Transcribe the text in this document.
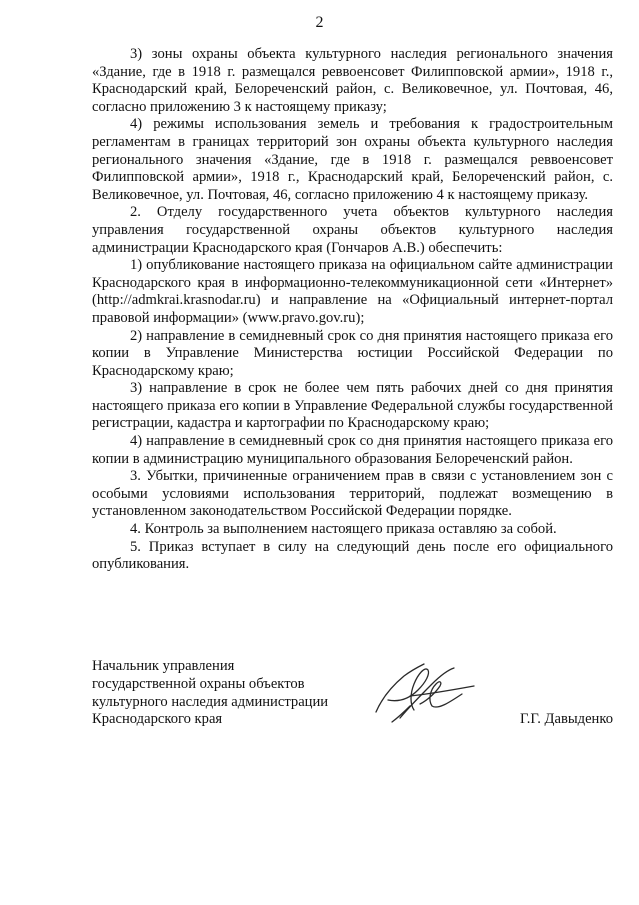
2

3) зоны охраны объекта культурного наследия регионального значения «Здание, где в 1918 г. размещался реввоенсовет Филипповской армии», 1918 г., Краснодарский край, Белореченский район, с. Великовечное, ул. Почтовая, 46, согласно приложению 3 к настоящему приказу;

4) режимы использования земель и требования к градостроительным регламентам в границах территорий зон охраны объекта культурного наследия регионального значения «Здание, где в 1918 г. размещался реввоенсовет Филипповской армии», 1918 г., Краснодарский край, Белореченский район, с. Великовечное, ул. Почтовая, 46, согласно приложению 4 к настоящему приказу.

2. Отделу государственного учета объектов культурного наследия управления государственной охраны объектов культурного наследия администрации Краснодарского края (Гончаров А.В.) обеспечить:

1) опубликование настоящего приказа на официальном сайте администрации Краснодарского края в информационно-телекоммуникационной сети «Интернет» (http://admkrai.krasnodar.ru) и направление на «Официальный интернет-портал правовой информации» (www.pravo.gov.ru);

2) направление в семидневный срок со дня принятия настоящего приказа его копии в Управление Министерства юстиции Российской Федерации по Краснодарскому краю;

3) направление в срок не более чем пять рабочих дней со дня принятия настоящего приказа его копии в Управление Федеральной службы государственной регистрации, кадастра и картографии по Краснодарскому краю;

4) направление в семидневный срок со дня принятия настоящего приказа его копии в администрацию муниципального образования Белореченский район.

3. Убытки, причиненные ограничением прав в связи с установлением зон с особыми условиями использования территорий, подлежат возмещению в установленном законодательством Российской Федерации порядке.

4. Контроль за выполнением настоящего приказа оставляю за собой.

5. Приказ вступает в силу на следующий день после его официального опубликования.

Начальник управления
государственной охраны объектов
культурного наследия администрации
Краснодарского края	Г.Г. Давыденко
